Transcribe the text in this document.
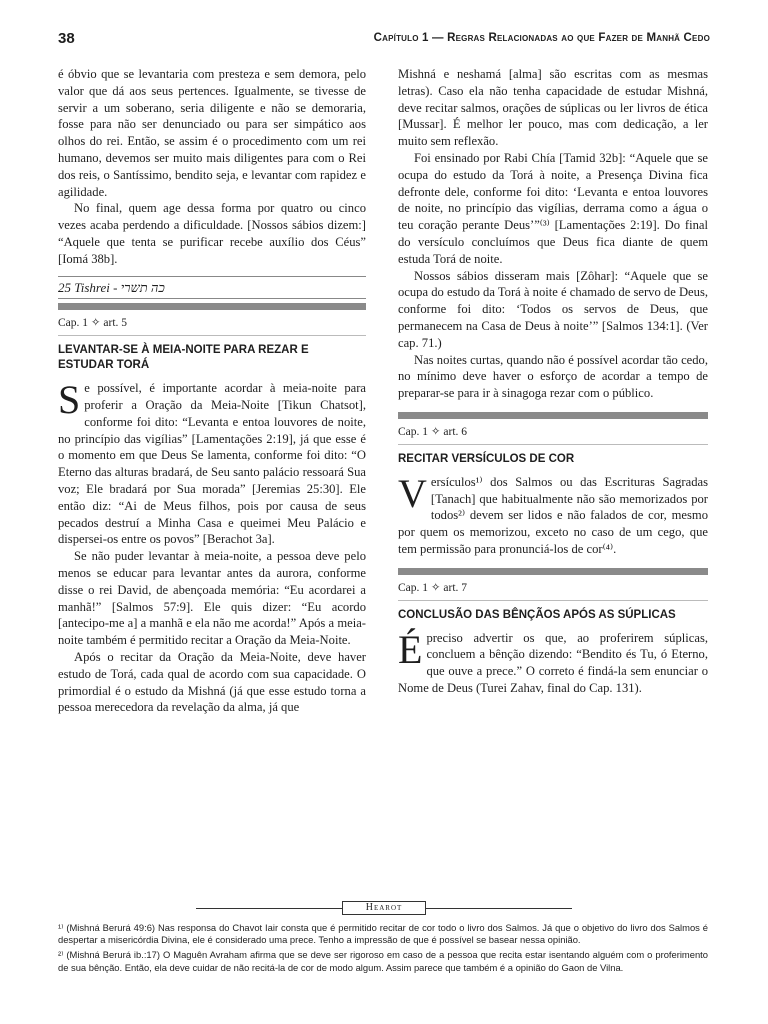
38	Capítulo 1 — Regras Relacionadas ao que Fazer de Manhã Cedo

é óbvio que se levantaria com presteza e sem demora, pelo valor que dá aos seus pertences. Igualmente, se tivesse de servir a um soberano, seria diligente e não se demoraria, fosse para não ser denunciado ou para ser simpático aos olhos do rei. Então, se assim é o procedimento com um rei humano, devemos ser muito mais diligentes para com o Rei dos reis, o Santíssimo, bendito seja, e levantar com rapidez e agilidade.

No final, quem age dessa forma por quatro ou cinco vezes acaba perdendo a dificuldade. [Nossos sábios dizem:] “Aquele que tenta se purificar recebe auxílio dos Céus” [Iomá 38b].

25 Tishrei - כה תשרי
Cap. 1 ✧ art. 5
LEVANTAR-SE À MEIA-NOITE PARA REZAR E ESTUDAR TORÁ

Se possível, é importante acordar à meia-noite para proferir a Oração da Meia-Noite [Tikun Chatsot], conforme foi dito: “Levanta e entoa louvores de noite, no princípio das vigílias” [Lamentações 2:19], já que esse é o momento em que Deus Se lamenta, conforme foi dito: “O Eterno das alturas bradará, de Seu santo palácio ressoará Sua voz; Ele bradará por Sua morada” [Jeremias 25:30]. Ele então diz: “Ai de Meus filhos, pois por causa de seus pecados destruí a Minha Casa e queimei Meu Palácio e dispersei-os entre os povos” [Berachot 3a].

Se não puder levantar à meia-noite, a pessoa deve pelo menos se educar para levantar antes da aurora, conforme disse o rei David, de abençoada memória: “Eu acordarei a manhã!” [Salmos 57:9]. Ele quis dizer: “Eu acordo [antecipo-me a] a manhã e ela não me acorda!” Após a meia-noite também é permitido recitar a Oração da Meia-Noite.

Após o recitar da Oração da Meia-Noite, deve haver estudo de Torá, cada qual de acordo com sua capacidade. O primordial é o estudo da Mishná (já que esse estudo torna a pessoa merecedora da revelação da alma, já que

Mishná e neshamá [alma] são escritas com as mesmas letras). Caso ela não tenha capacidade de estudar Mishná, deve recitar salmos, orações de súplicas ou ler livros de ética [Mussar]. É melhor ler pouco, mas com dedicação, a ler muito sem reflexão.

Foi ensinado por Rabi Chía [Tamid 32b]: “Aquele que se ocupa do estudo da Torá à noite, a Presença Divina fica defronte dele, conforme foi dito: ‘Levanta e entoa louvores de noite, no princípio das vigílias, derrama como a água o teu coração perante Deus’”⁽³⁾ [Lamentações 2:19]. Do final do versículo concluímos que Deus fica diante de quem estuda Torá de noite.

Nossos sábios disseram mais [Zôhar]: “Aquele que se ocupa do estudo da Torá à noite é chamado de servo de Deus, conforme foi dito: ‘Todos os servos de Deus, que permanecem na Casa de Deus à noite’” [Salmos 134:1]. (Ver cap. 71.)

Nas noites curtas, quando não é possível acordar tão cedo, no mínimo deve haver o esforço de acordar a tempo de preparar-se para ir à sinagoga rezar com o público.

Cap. 1 ✧ art. 6
RECITAR VERSÍCULOS DE COR

Versículos¹⁾ dos Salmos ou das Escrituras Sagradas [Tanach] que habitualmente não são memorizados por todos²⁾ devem ser lidos e não falados de cor, mesmo por quem os memorizou, exceto no caso de um cego, que tem permissão para pronunciá-los de cor⁽⁴⁾.

Cap. 1 ✧ art. 7
CONCLUSÃO DAS BÊNÇÃOS APÓS AS SÚPLICAS

Épreciso advertir os que, ao proferirem súplicas, concluem a bênção dizendo: “Bendito és Tu, ó Eterno, que ouve a prece.” O correto é findá-la sem enunciar o Nome de Deus (Turei Zahav, final do Cap. 131).

Hearot

¹⁾ (Mishná Berurá 49:6) Nas responsa do Chavot Iair consta que é permitido recitar de cor todo o livro dos Salmos. Já que o objetivo do livro dos Salmos é despertar a misericórdia Divina, ele é considerado uma prece. Tenho a impressão de que é possível se basear nessa opinião.

²⁾ (Mishná Berurá ib.:17) O Maguên Avraham afirma que se deve ser rigoroso em caso de a pessoa que recita estar isentando alguém com o proferimento de sua bênção. Então, ela deve cuidar de não recitá-la de cor de modo algum. Assim parece que também é a opinião do Gaon de Vilna.
